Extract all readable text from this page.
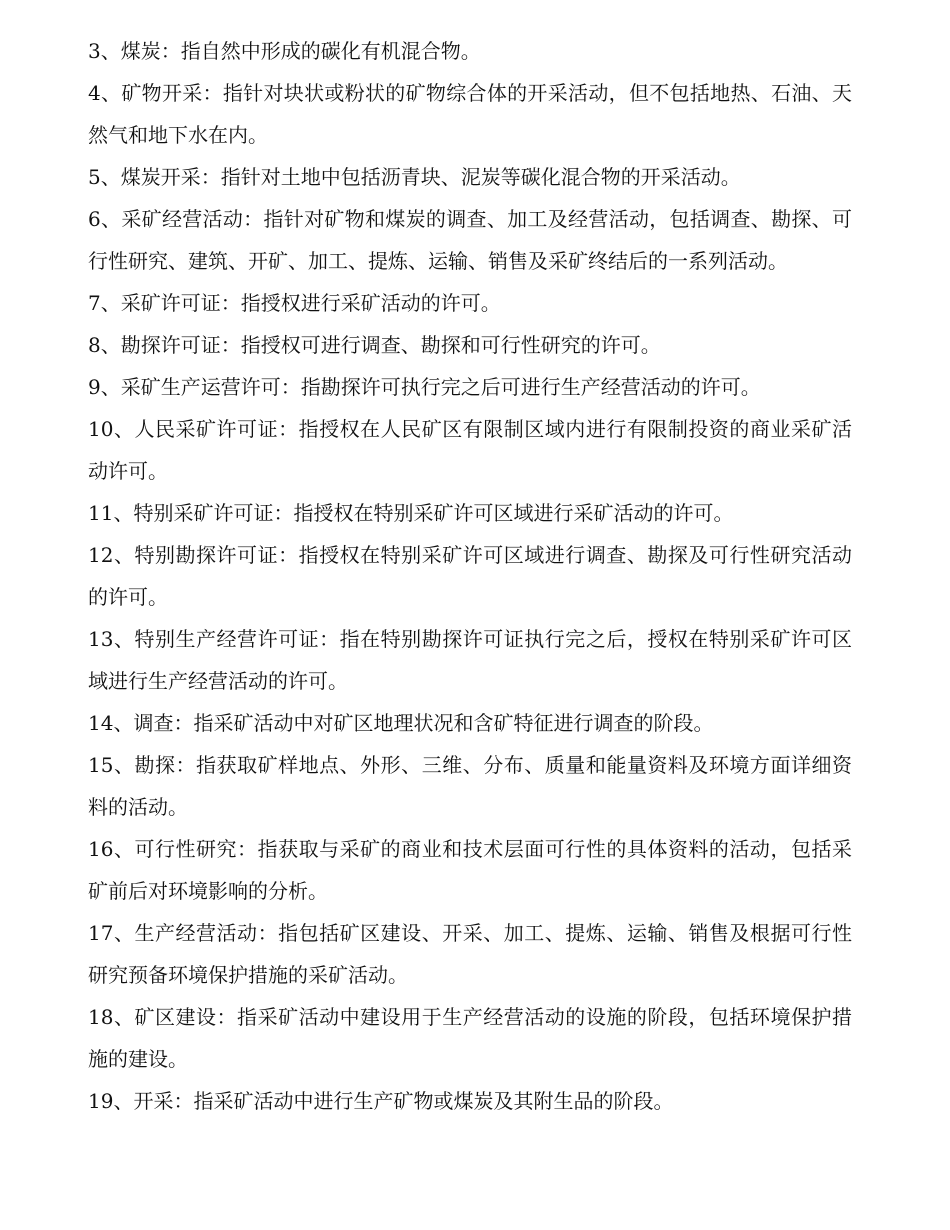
3、煤炭：指自然中形成的碳化有机混合物。

4、矿物开采：指针对块状或粉状的矿物综合体的开采活动，但不包括地热、石油、天然气和地下水在内。

5、煤炭开采：指针对土地中包括沥青块、泥炭等碳化混合物的开采活动。

6、采矿经营活动：指针对矿物和煤炭的调查、加工及经营活动，包括调查、勘探、可行性研究、建筑、开矿、加工、提炼、运输、销售及采矿终结后的一系列活动。

7、采矿许可证：指授权进行采矿活动的许可。

8、勘探许可证：指授权可进行调查、勘探和可行性研究的许可。

9、采矿生产运营许可：指勘探许可执行完之后可进行生产经营活动的许可。

10、人民采矿许可证：指授权在人民矿区有限制区域内进行有限制投资的商业采矿活动许可。

11、特别采矿许可证：指授权在特别采矿许可区域进行采矿活动的许可。

12、特别勘探许可证：指授权在特别采矿许可区域进行调查、勘探及可行性研究活动的许可。

13、特别生产经营许可证：指在特别勘探许可证执行完之后，授权在特别采矿许可区域进行生产经营活动的许可。

14、调查：指采矿活动中对矿区地理状况和含矿特征进行调查的阶段。

15、勘探：指获取矿样地点、外形、三维、分布、质量和能量资料及环境方面详细资料的活动。

16、可行性研究：指获取与采矿的商业和技术层面可行性的具体资料的活动，包括采矿前后对环境影响的分析。

17、生产经营活动：指包括矿区建设、开采、加工、提炼、运输、销售及根据可行性研究预备环境保护措施的采矿活动。

18、矿区建设：指采矿活动中建设用于生产经营活动的设施的阶段，包括环境保护措施的建设。

19、开采：指采矿活动中进行生产矿物或煤炭及其附生品的阶段。
